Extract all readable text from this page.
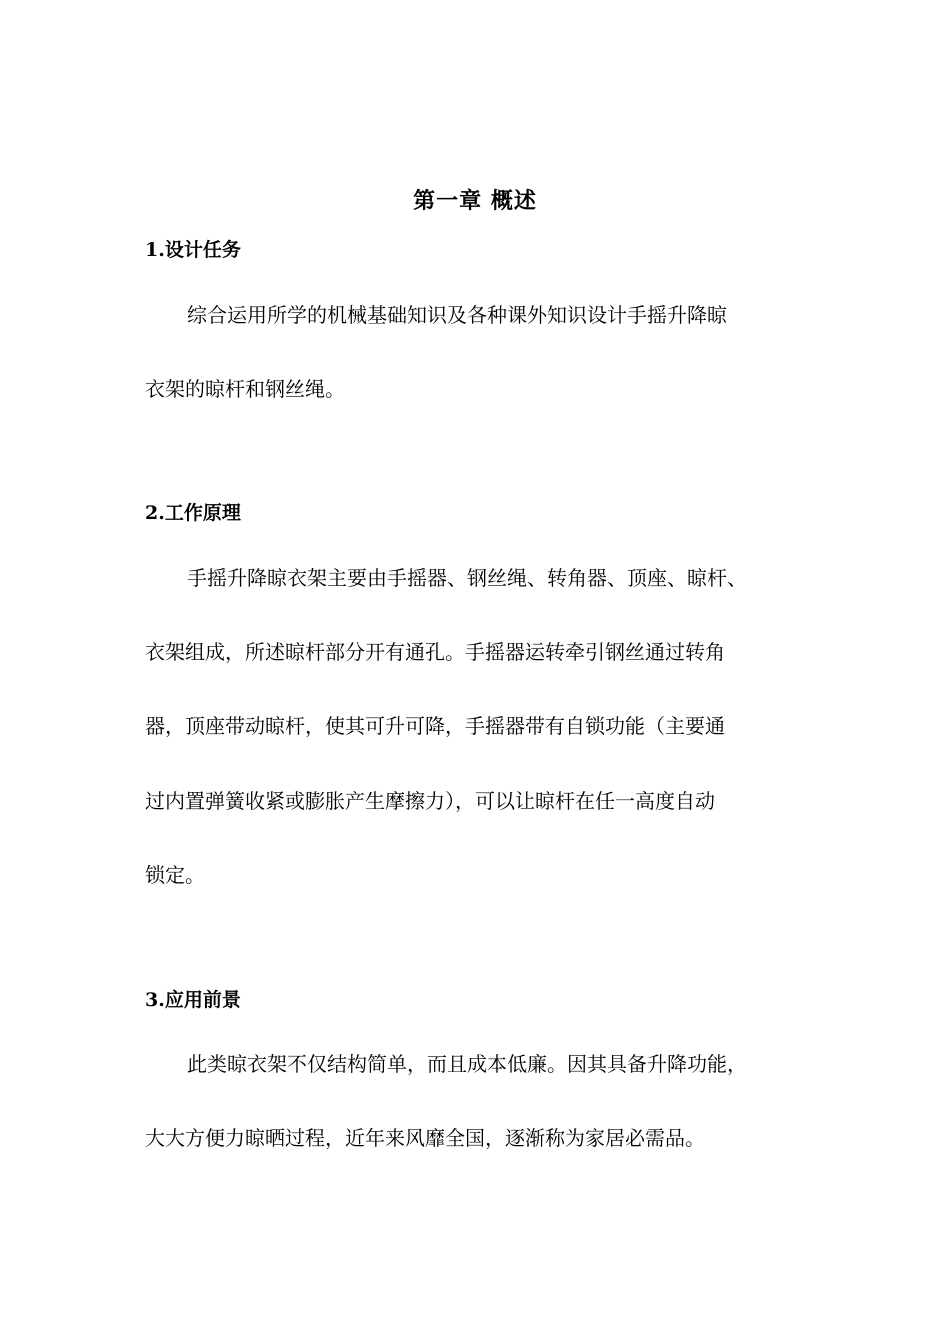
第一章 概述
1.设计任务
综合运用所学的机械基础知识及各种课外知识设计手摇升降晾
衣架的晾杆和钢丝绳。
2.工作原理
手摇升降晾衣架主要由手摇器、钢丝绳、转角器、顶座、晾杆、
衣架组成，所述晾杆部分开有通孔。手摇器运转牵引钢丝通过转角
器，顶座带动晾杆，使其可升可降，手摇器带有自锁功能（主要通
过内置弹簧收紧或膨胀产生摩擦力），可以让晾杆在任一高度自动
锁定。
3.应用前景
此类晾衣架不仅结构简单，而且成本低廉。因其具备升降功能，
大大方便力晾晒过程，近年来风靡全国，逐渐称为家居必需品。
